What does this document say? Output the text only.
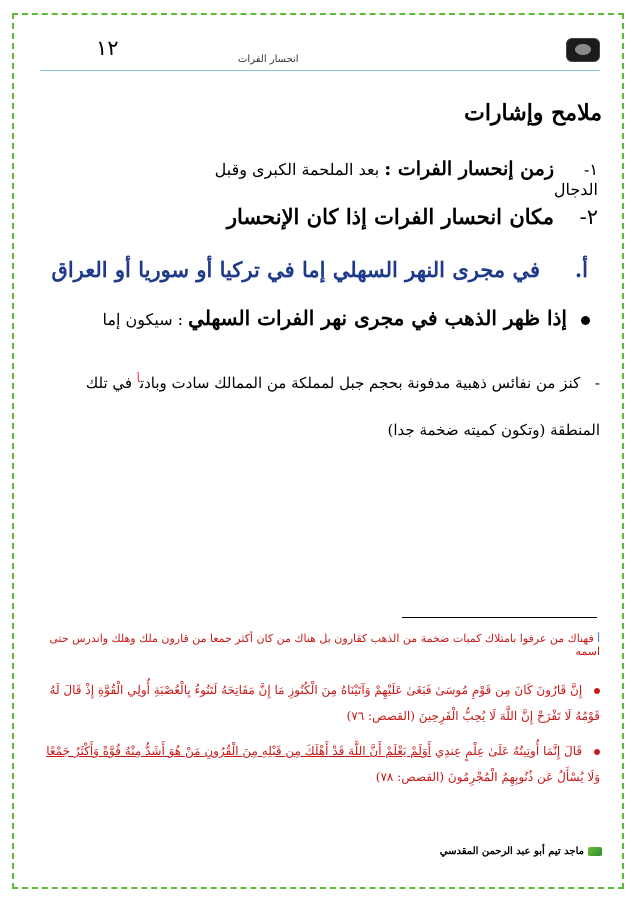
١٢	انحسار الفرات
ملامح وإشارات
١-زمن إنحسار الفرات : بعد الملحمة الكبرى وقبل الدجال
٢-مكان انحسار الفرات إذا كان الإنحسار
أ.في مجرى النهر السهلي إما في تركيا أو سوريا أو العراق
إذا ظهر الذهب في مجرى نهر الفرات السهلي : سيكون إما
- كنز من نفائس ذهبية مدفونة بحجم جبل لمملكة من الممالك سادت وبادت$^أ$ في تلك المنطقة (وتكون كميته ضخمة جدا)
أ فهناك من عرفوا بامتلاك كميات ضخمة من الذهب كقارون بل هناك من كان أكثر جمعا من قارون ملك وهلك واندرس حتى اسمه
إِنَّ قَارُونَ كَانَ مِن قَوْمِ مُوسَىٰ فَبَغَىٰ عَلَيْهِمْ وَآتَيْنَاهُ مِنَ الْكُنُوزِ مَا إِنَّ مَفَاتِحَهُ لَتَنُوءُ بِالْعُصْبَةِ أُولِي الْقُوَّةِ إِذْ قَالَ لَهُ قَوْمُهُ لَا تَفْرَحْ إِنَّ اللَّهَ لَا يُحِبُّ الْفَرِحِينَ (القصص: ٧٦)
قَالَ إِنَّمَا أُوتِيتُهُ عَلَىٰ عِلْمٍ عِندِي أَوَلَمْ يَعْلَمْ أَنَّ اللَّهَ قَدْ أَهْلَكَ مِن قَبْلِهِ مِنَ الْقُرُونِ مَنْ هُوَ أَشَدُّ مِنْهُ قُوَّةً وَأَكْثَرُ جَمْعًا وَلَا يُسْأَلُ عَن ذُنُوبِهِمُ الْمُجْرِمُونَ (القصص: ٧٨)
ماجد تيم أبو عبد الرحمن المقدسي
